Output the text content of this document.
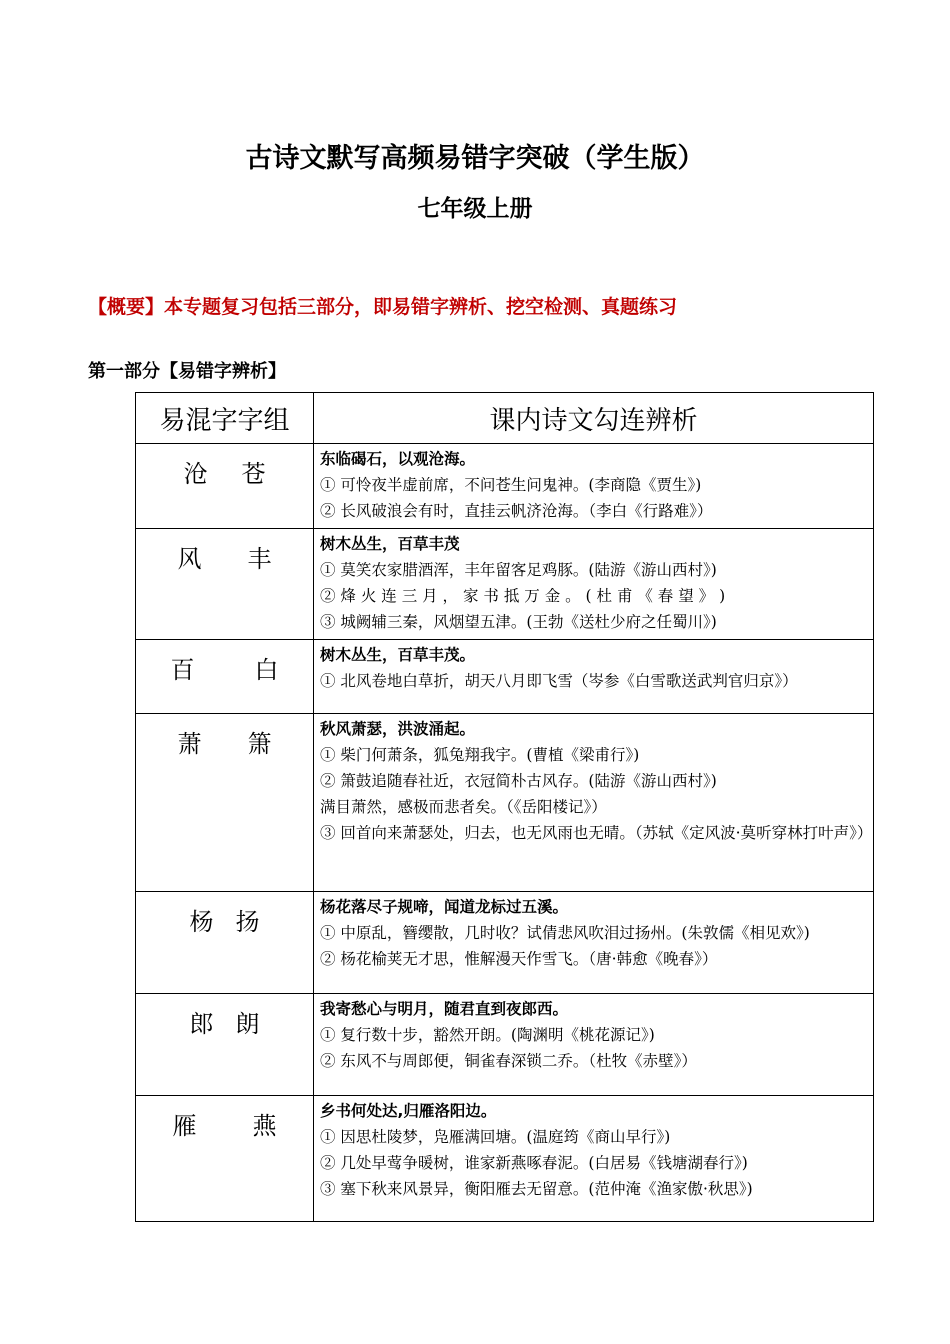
古诗文默写高频易错字突破（学生版）
七年级上册
【概要】本专题复习包括三部分，即易错字辨析、挖空检测、真题练习
第一部分【易错字辨析】
易混字字组	课内诗文勾连辨析
沧 苍	东临碣石，以观沧海。
① 可怜夜半虚前席，不问苍生问鬼神。(李商隐《贾生》)
② 长风破浪会有时，直挂云帆济沧海。（李白《行路难》）

风 丰	树木丛生，百草丰茂
① 莫笑农家腊酒浑，丰年留客足鸡豚。(陆游《游山西村》)
② 烽 火 连 三 月 ， 家 书 抵 万 金 。 ( 杜 甫 《 春 望 》 )
③ 城阙辅三秦，风烟望五津。(王勃《送杜少府之任蜀川》)

百 白	树木丛生，百草丰茂。
① 北风卷地白草折，胡天八月即飞雪（岑参《白雪歌送武判官归京》）

萧 箫	秋风萧瑟，洪波涌起。
① 柴门何萧条，狐兔翔我宇。(曹植《梁甫行》)
② 箫鼓追随春社近，衣冠简朴古风存。(陆游《游山西村》)
满目萧然，感极而悲者矣。（《岳阳楼记》）
③ 回首向来萧瑟处，归去，也无风雨也无晴。（苏轼《定风波·莫听穿林打叶声》）

杨 扬	杨花落尽子规啼，闻道龙标过五溪。
① 中原乱，簪缨散，几时收？试倩悲风吹泪过扬州。(朱敦儒《相见欢》)
② 杨花榆荚无才思，惟解漫天作雪飞。（唐·韩愈《晚春》）

郎 朗	我寄愁心与明月，随君直到夜郎西。
① 复行数十步，豁然开朗。(陶渊明《桃花源记》)
② 东风不与周郎便，铜雀春深锁二乔。（杜牧《赤壁》）

雁 燕	乡书何处达,归雁洛阳边。
① 因思杜陵梦，凫雁满回塘。(温庭筠《商山早行》)
② 几处早莺争暖树，谁家新燕啄春泥。(白居易《钱塘湖春行》)
③ 塞下秋来风景异，衡阳雁去无留意。(范仲淹《渔家傲·秋思》)
